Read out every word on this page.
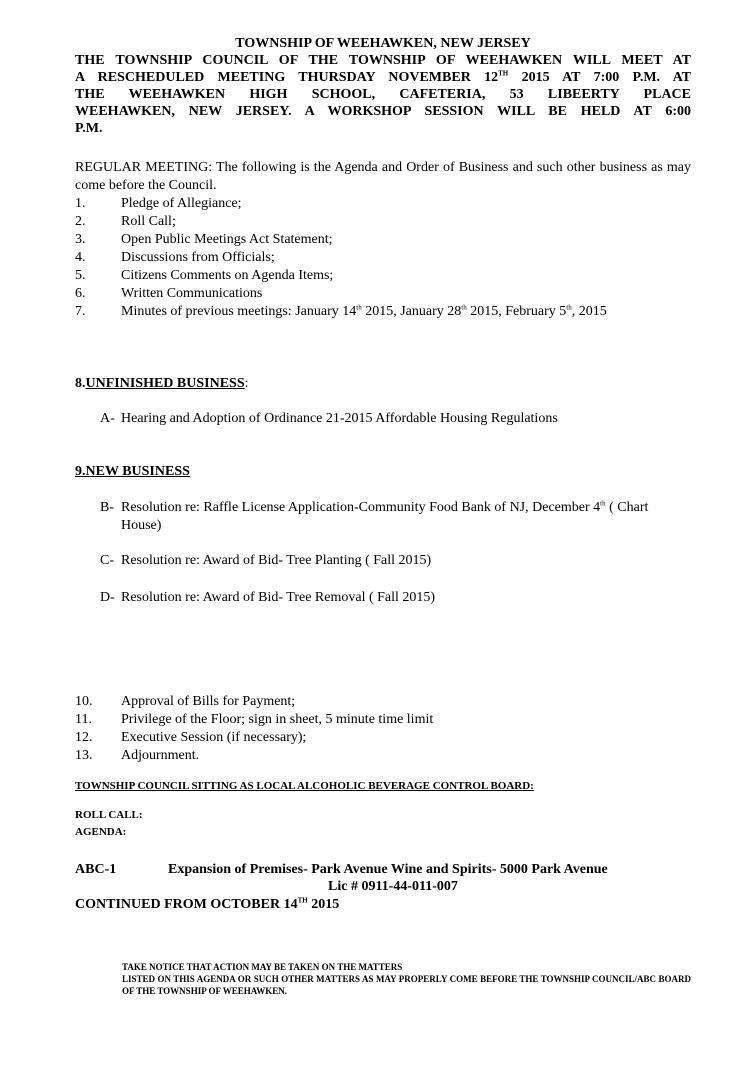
TOWNSHIP OF WEEHAWKEN, NEW JERSEY
THE TOWNSHIP COUNCIL OF THE TOWNSHIP OF WEEHAWKEN WILL MEET AT
A RESCHEDULED MEETING THURSDAY NOVEMBER 12TH 2015 AT 7:00 P.M. AT
THE WEEHAWKEN HIGH SCHOOL, CAFETERIA, 53 LIBEERTY PLACE
WEEHAWKEN, NEW JERSEY. A WORKSHOP SESSION WILL BE HELD AT 6:00
P.M.
REGULAR MEETING: The following is the Agenda and Order of Business and such other business as may come before the Council.
1.	Pledge of Allegiance;
2.	Roll Call;
3.	Open Public Meetings Act Statement;
4.	Discussions from Officials;
5.	Citizens Comments on Agenda Items;
6.	Written Communications
7.	Minutes of previous meetings: January 14th 2015, January 28th 2015, February 5th, 2015
8.UNFINISHED BUSINESS:
A- Hearing and Adoption of Ordinance 21-2015 Affordable Housing Regulations
9.NEW BUSINESS
B- Resolution re: Raffle License Application-Community Food Bank of NJ, December 4th ( Chart House)
C- Resolution re: Award of Bid- Tree Planting ( Fall 2015)
D- Resolution re: Award of Bid- Tree Removal ( Fall 2015)
10. Approval of Bills for Payment;
11. Privilege of the Floor; sign in sheet, 5 minute time limit
12. Executive Session (if necessary);
13. Adjournment.
TOWNSHIP COUNCIL SITTING AS LOCAL ALCOHOLIC BEVERAGE CONTROL BOARD:
ROLL CALL:
AGENDA:
ABC-1	Expansion of Premises- Park Avenue Wine and Spirits- 5000 Park Avenue
Lic # 0911-44-011-007
CONTINUED FROM OCTOBER 14TH 2015
TAKE NOTICE THAT ACTION MAY BE TAKEN ON THE MATTERS
LISTED ON THIS AGENDA OR SUCH OTHER MATTERS AS MAY PROPERLY COME BEFORE THE TOWNSHIP COUNCIL/ABC BOARD OF THE TOWNSHIP OF WEEHAWKEN.
